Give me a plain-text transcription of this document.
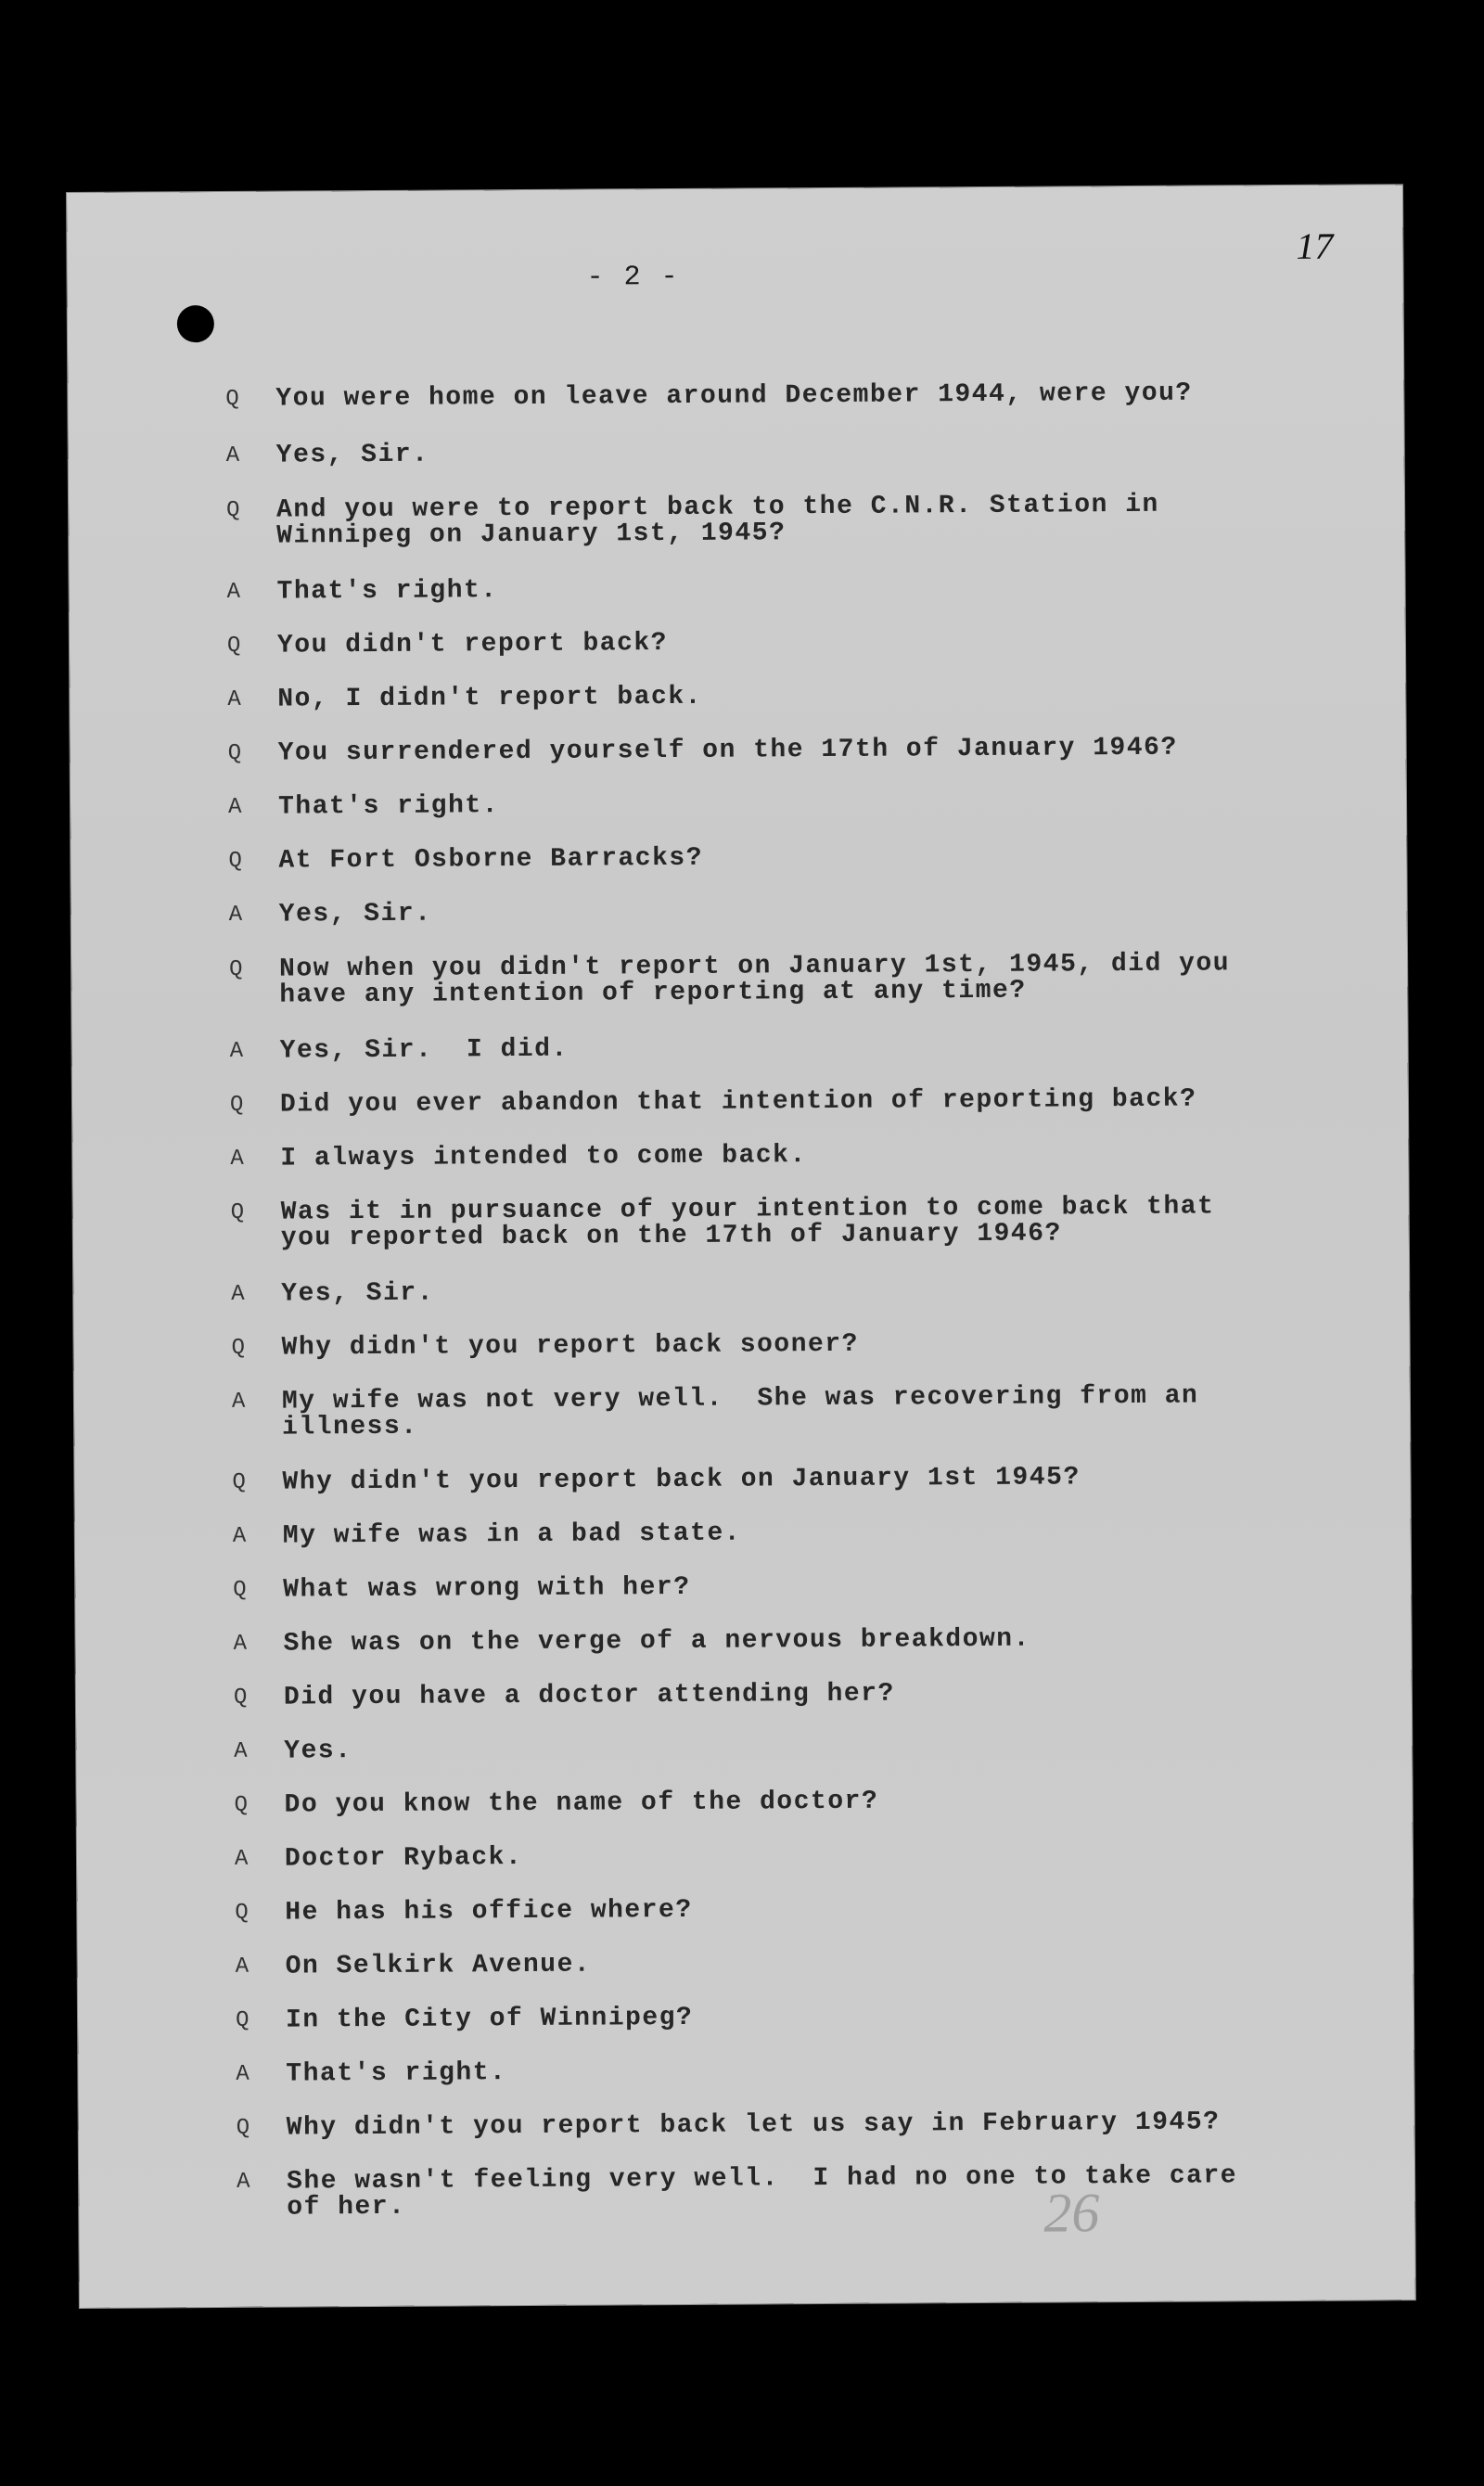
- 2 -
17
Q	You were home on leave around December 1944, were you?
A	Yes, Sir.
Q	And you were to report back to the C.N.R. Station in
Winnipeg on January 1st, 1945?
A	That's right.
Q	You didn't report back?
A	No, I didn't report back.
Q	You surrendered yourself on the 17th of January 1946?
A	That's right.
Q	At Fort Osborne Barracks?
A	Yes, Sir.
Q	Now when you didn't report on January 1st, 1945, did you
have any intention of reporting at any time?
A	Yes, Sir.  I did.
Q	Did you ever abandon that intention of reporting back?
A	I always intended to come back.
Q	Was it in pursuance of your intention to come back that
you reported back on the 17th of January 1946?
A	Yes, Sir.
Q	Why didn't you report back sooner?
A	My wife was not very well.  She was recovering from an
illness.
Q	Why didn't you report back on January 1st 1945?
A	My wife was in a bad state.
Q	What was wrong with her?
A	She was on the verge of a nervous breakdown.
Q	Did you have a doctor attending her?
A	Yes.
Q	Do you know the name of the doctor?
A	Doctor Ryback.
Q	He has his office where?
A	On Selkirk Avenue.
Q	In the City of Winnipeg?
A	That's right.
Q	Why didn't you report back let us say in February 1945?
A	She wasn't feeling very well.  I had no one to take care
of her.	26
